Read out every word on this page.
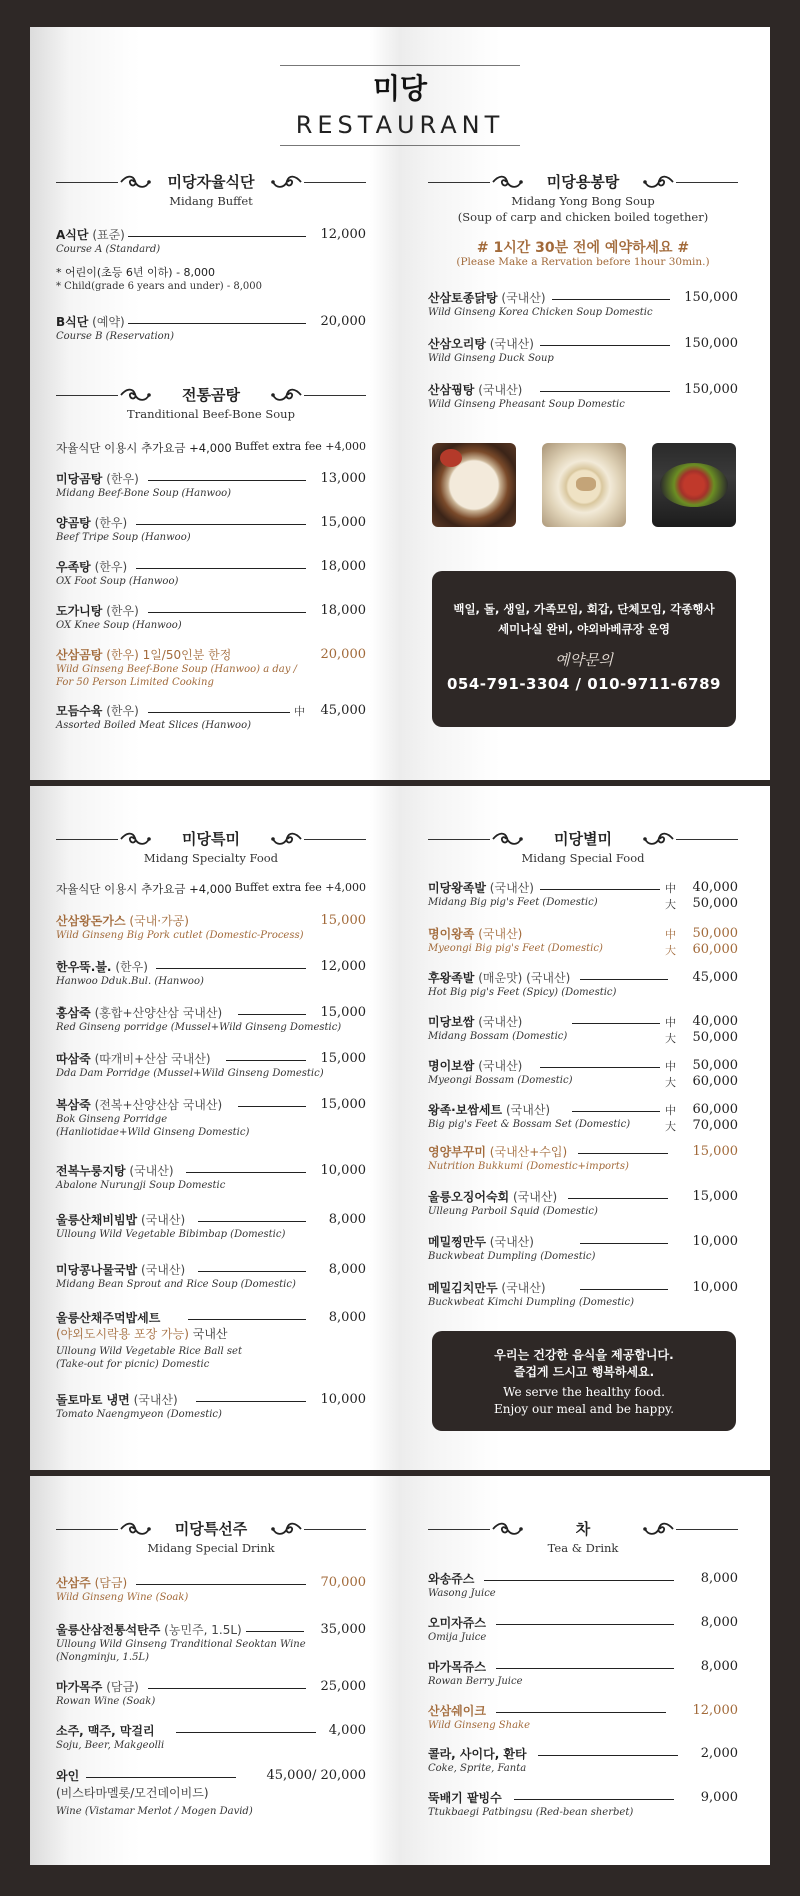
미당
RESTAURANT
미당자율식단
Midang Buffet
A식단 (표준)	12,000
Course A (Standard)
* 어린이(초등 6년 이하) - 8,000
* Child(grade 6 years and under) - 8,000
B식단 (예약)	20,000
Course B (Reservation)
전통곰탕
Tranditional Beef-Bone Soup
자율식단 이용시 추가요금 +4,000 Buffet extra fee +4,000
미당곰탕 (한우)	13,000
Midang Beef-Bone Soup (Hanwoo)
양곰탕 (한우)	15,000
Beef Tripe Soup (Hanwoo)
우족탕 (한우)	18,000
OX Foot Soup (Hanwoo)
도가니탕 (한우)	18,000
OX Knee Soup (Hanwoo)
산삼곰탕 (한우) 1일/50인분 한정	20,000
Wild Ginseng Beef-Bone Soup (Hanwoo) a day /
For 50 Person Limited Cooking
모듬수육 (한우)	中 45,000
Assorted Boiled Meat Slices (Hanwoo)
미당용봉탕
Midang Yong Bong Soup
(Soup of carp and chicken boiled together)
# 1시간 30분 전에 예약하세요 #
(Please Make a Rervation before 1hour 30min.)
산삼토종닭탕 (국내산)	150,000
Wild Ginseng Korea Chicken Soup Domestic
산삼오리탕 (국내산)	150,000
Wild Ginseng Duck Soup
산삼꿩탕 (국내산)	150,000
Wild Ginseng Pheasant Soup Domestic
백일, 돌, 생일, 가족모임, 회갑, 단체모임, 각종행사
세미나실 완비, 야외바베큐장 운영
예약문의
054-791-3304 / 010-9711-6789
미당특미
Midang Specialty Food
자율식단 이용시 추가요금 +4,000 Buffet extra fee +4,000
산삼왕돈가스 (국내·가공)	15,000
Wild Ginseng Big Pork cutlet (Domestic-Process)
한우뚝.불. (한우)	12,000
Hanwoo Dduk.Bul. (Hanwoo)
홍삼죽 (홍합+산양산삼 국내산)	15,000
Red Ginseng porridge (Mussel+Wild Ginseng Domestic)
따삼죽 (따개비+산삼 국내산)	15,000
Dda Dam Porridge (Mussel+Wild Ginseng Domestic)
복삼죽 (전복+산양산삼 국내산)	15,000
Bok Ginseng Porridge
(Hanliotidae+Wild Ginseng Domestic)
전복누룽지탕 (국내산)	10,000
Abalone Nurungji Soup Domestic
울릉산채비빔밥 (국내산)	8,000
Ulloung Wild Vegetable Bibimbap (Domestic)
미당콩나물국밥 (국내산)	8,000
Midang Bean Sprout and Rice Soup (Domestic)
울릉산채주먹밥세트	8,000
(야외도시락용 포장 가능) 국내산
Ulloung Wild Vegetable Rice Ball set
(Take-out for picnic) Domestic
돌토마토 냉면 (국내산)	10,000
Tomato Naengmyeon (Domestic)
미당별미
Midang Special Food
미당왕족발 (국내산)	中 40,000
大 50,000
Midang Big pig's Feet (Domestic)
명이왕족 (국내산)	中 50,000
大 60,000
Myeongi Big pig's Feet (Domestic)
후왕족발 (매운맛) (국내산)	45,000
Hot Big pig's Feet (Spicy) (Domestic)
미당보쌈 (국내산)	中 40,000
大 50,000
Midang Bossam (Domestic)
명이보쌈 (국내산)	中 50,000
大 60,000
Myeongi Bossam (Domestic)
왕족·보쌈세트 (국내산)	中 60,000
大 70,000
Big pig's Feet & Bossam Set (Domestic)
영양부꾸미 (국내산+수입)	15,000
Nutrition Bukkumi (Domestic+imports)
울릉오징어숙회 (국내산)	15,000
Ulleung Parboil Squid (Domestic)
메밀찡만두 (국내산)	10,000
Buckwbeat Dumpling (Domestic)
메밀김치만두 (국내산)	10,000
Buckwbeat Kimchi Dumpling (Domestic)
우리는 건강한 음식을 제공합니다.
즐겁게 드시고 행복하세요.
We serve the healthy food.
Enjoy our meal and be happy.
미당특선주
Midang Special Drink
산삼주 (담금)	70,000
Wild Ginseng Wine (Soak)
울릉산삼전통석탄주 (농민주, 1.5L)	35,000
Ulloung Wild Ginseng Tranditional Seoktan Wine
(Nongminju, 1.5L)
마가목주 (담금)	25,000
Rowan Wine (Soak)
소주, 맥주, 막걸리	4,000
Soju, Beer, Makgeolli
와인	45,000/ 20,000
(비스타마멜롯/모건데이비드)
Wine (Vistamar Merlot / Mogen David)
차
Tea & Drink
와송쥬스	8,000
Wasong Juice
오미자쥬스	8,000
Omija Juice
마가목쥬스	8,000
Rowan Berry Juice
산삼쉐이크	12,000
Wild Ginseng Shake
콜라, 사이다, 환타	2,000
Coke, Sprite, Fanta
뚝배기 팥빙수	9,000
Ttukbaegi Patbingsu (Red-bean sherbet)
